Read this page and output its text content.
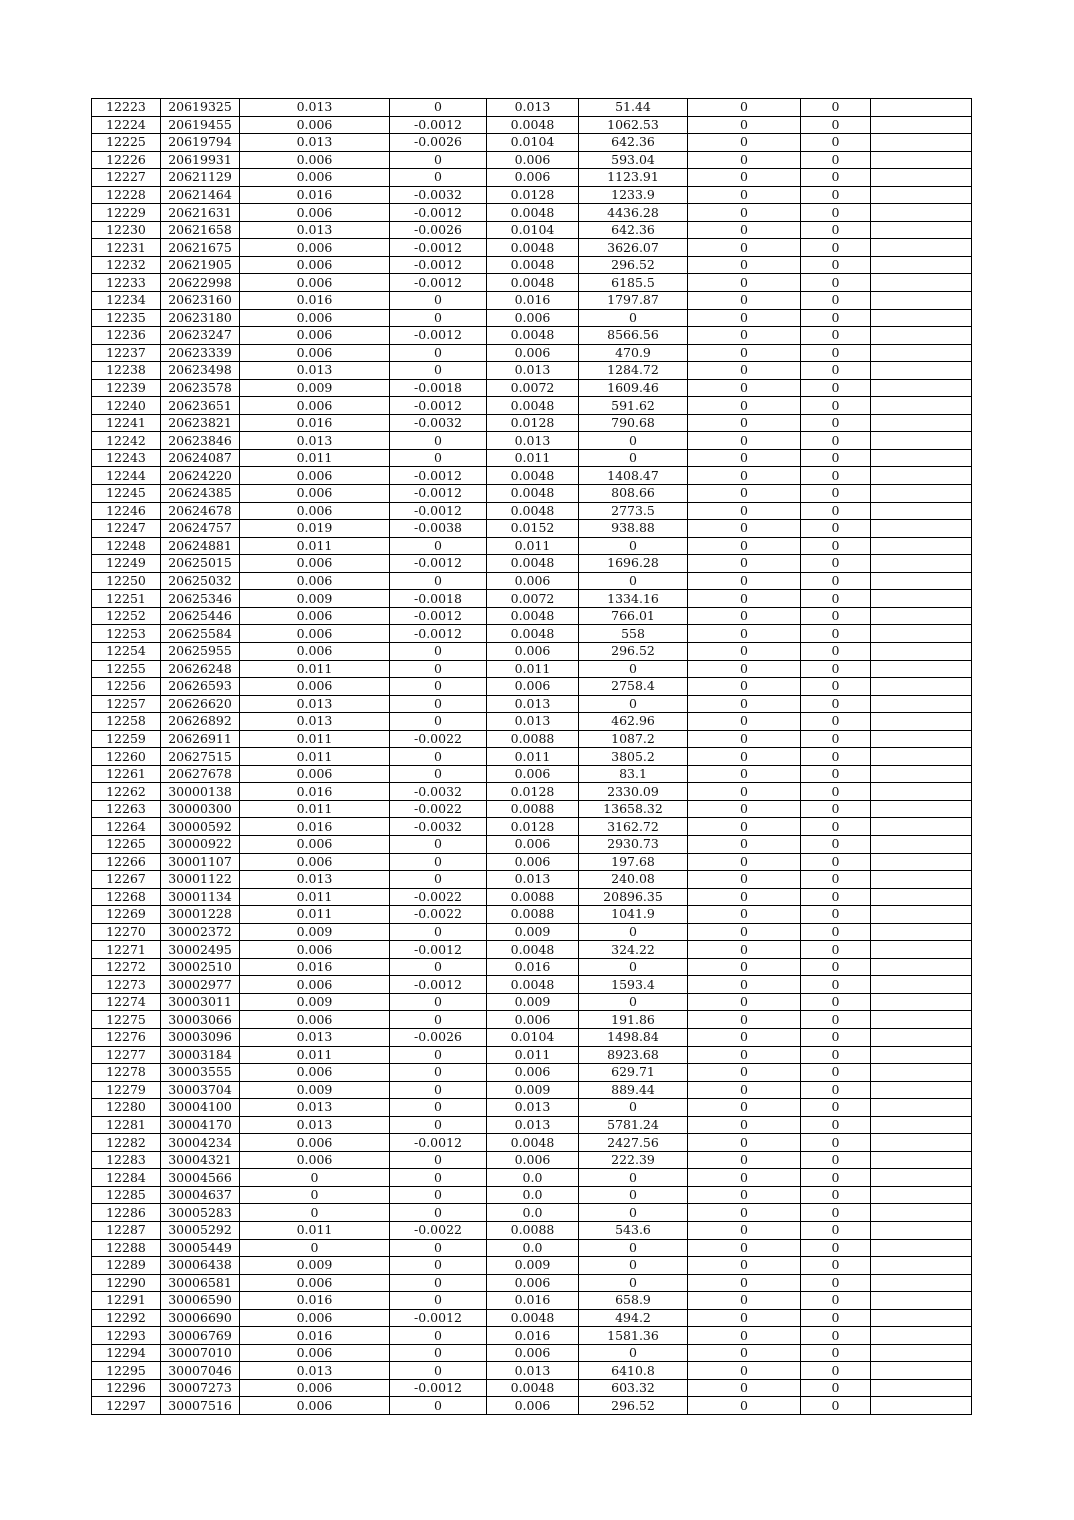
12223	20619325	0.013	0	0.013	51.44	0	0	
12224	20619455	0.006	-0.0012	0.0048	1062.53	0	0	
12225	20619794	0.013	-0.0026	0.0104	642.36	0	0	
12226	20619931	0.006	0	0.006	593.04	0	0	
12227	20621129	0.006	0	0.006	1123.91	0	0	
12228	20621464	0.016	-0.0032	0.0128	1233.9	0	0	
12229	20621631	0.006	-0.0012	0.0048	4436.28	0	0	
12230	20621658	0.013	-0.0026	0.0104	642.36	0	0	
12231	20621675	0.006	-0.0012	0.0048	3626.07	0	0	
12232	20621905	0.006	-0.0012	0.0048	296.52	0	0	
12233	20622998	0.006	-0.0012	0.0048	6185.5	0	0	
12234	20623160	0.016	0	0.016	1797.87	0	0	
12235	20623180	0.006	0	0.006	0	0	0	
12236	20623247	0.006	-0.0012	0.0048	8566.56	0	0	
12237	20623339	0.006	0	0.006	470.9	0	0	
12238	20623498	0.013	0	0.013	1284.72	0	0	
12239	20623578	0.009	-0.0018	0.0072	1609.46	0	0	
12240	20623651	0.006	-0.0012	0.0048	591.62	0	0	
12241	20623821	0.016	-0.0032	0.0128	790.68	0	0	
12242	20623846	0.013	0	0.013	0	0	0	
12243	20624087	0.011	0	0.011	0	0	0	
12244	20624220	0.006	-0.0012	0.0048	1408.47	0	0	
12245	20624385	0.006	-0.0012	0.0048	808.66	0	0	
12246	20624678	0.006	-0.0012	0.0048	2773.5	0	0	
12247	20624757	0.019	-0.0038	0.0152	938.88	0	0	
12248	20624881	0.011	0	0.011	0	0	0	
12249	20625015	0.006	-0.0012	0.0048	1696.28	0	0	
12250	20625032	0.006	0	0.006	0	0	0	
12251	20625346	0.009	-0.0018	0.0072	1334.16	0	0	
12252	20625446	0.006	-0.0012	0.0048	766.01	0	0	
12253	20625584	0.006	-0.0012	0.0048	558	0	0	
12254	20625955	0.006	0	0.006	296.52	0	0	
12255	20626248	0.011	0	0.011	0	0	0	
12256	20626593	0.006	0	0.006	2758.4	0	0	
12257	20626620	0.013	0	0.013	0	0	0	
12258	20626892	0.013	0	0.013	462.96	0	0	
12259	20626911	0.011	-0.0022	0.0088	1087.2	0	0	
12260	20627515	0.011	0	0.011	3805.2	0	0	
12261	20627678	0.006	0	0.006	83.1	0	0	
12262	30000138	0.016	-0.0032	0.0128	2330.09	0	0	
12263	30000300	0.011	-0.0022	0.0088	13658.32	0	0	
12264	30000592	0.016	-0.0032	0.0128	3162.72	0	0	
12265	30000922	0.006	0	0.006	2930.73	0	0	
12266	30001107	0.006	0	0.006	197.68	0	0	
12267	30001122	0.013	0	0.013	240.08	0	0	
12268	30001134	0.011	-0.0022	0.0088	20896.35	0	0	
12269	30001228	0.011	-0.0022	0.0088	1041.9	0	0	
12270	30002372	0.009	0	0.009	0	0	0	
12271	30002495	0.006	-0.0012	0.0048	324.22	0	0	
12272	30002510	0.016	0	0.016	0	0	0	
12273	30002977	0.006	-0.0012	0.0048	1593.4	0	0	
12274	30003011	0.009	0	0.009	0	0	0	
12275	30003066	0.006	0	0.006	191.86	0	0	
12276	30003096	0.013	-0.0026	0.0104	1498.84	0	0	
12277	30003184	0.011	0	0.011	8923.68	0	0	
12278	30003555	0.006	0	0.006	629.71	0	0	
12279	30003704	0.009	0	0.009	889.44	0	0	
12280	30004100	0.013	0	0.013	0	0	0	
12281	30004170	0.013	0	0.013	5781.24	0	0	
12282	30004234	0.006	-0.0012	0.0048	2427.56	0	0	
12283	30004321	0.006	0	0.006	222.39	0	0	
12284	30004566	0	0	0.0	0	0	0	
12285	30004637	0	0	0.0	0	0	0	
12286	30005283	0	0	0.0	0	0	0	
12287	30005292	0.011	-0.0022	0.0088	543.6	0	0	
12288	30005449	0	0	0.0	0	0	0	
12289	30006438	0.009	0	0.009	0	0	0	
12290	30006581	0.006	0	0.006	0	0	0	
12291	30006590	0.016	0	0.016	658.9	0	0	
12292	30006690	0.006	-0.0012	0.0048	494.2	0	0	
12293	30006769	0.016	0	0.016	1581.36	0	0	
12294	30007010	0.006	0	0.006	0	0	0	
12295	30007046	0.013	0	0.013	6410.8	0	0	
12296	30007273	0.006	-0.0012	0.0048	603.32	0	0	
12297	30007516	0.006	0	0.006	296.52	0	0	
